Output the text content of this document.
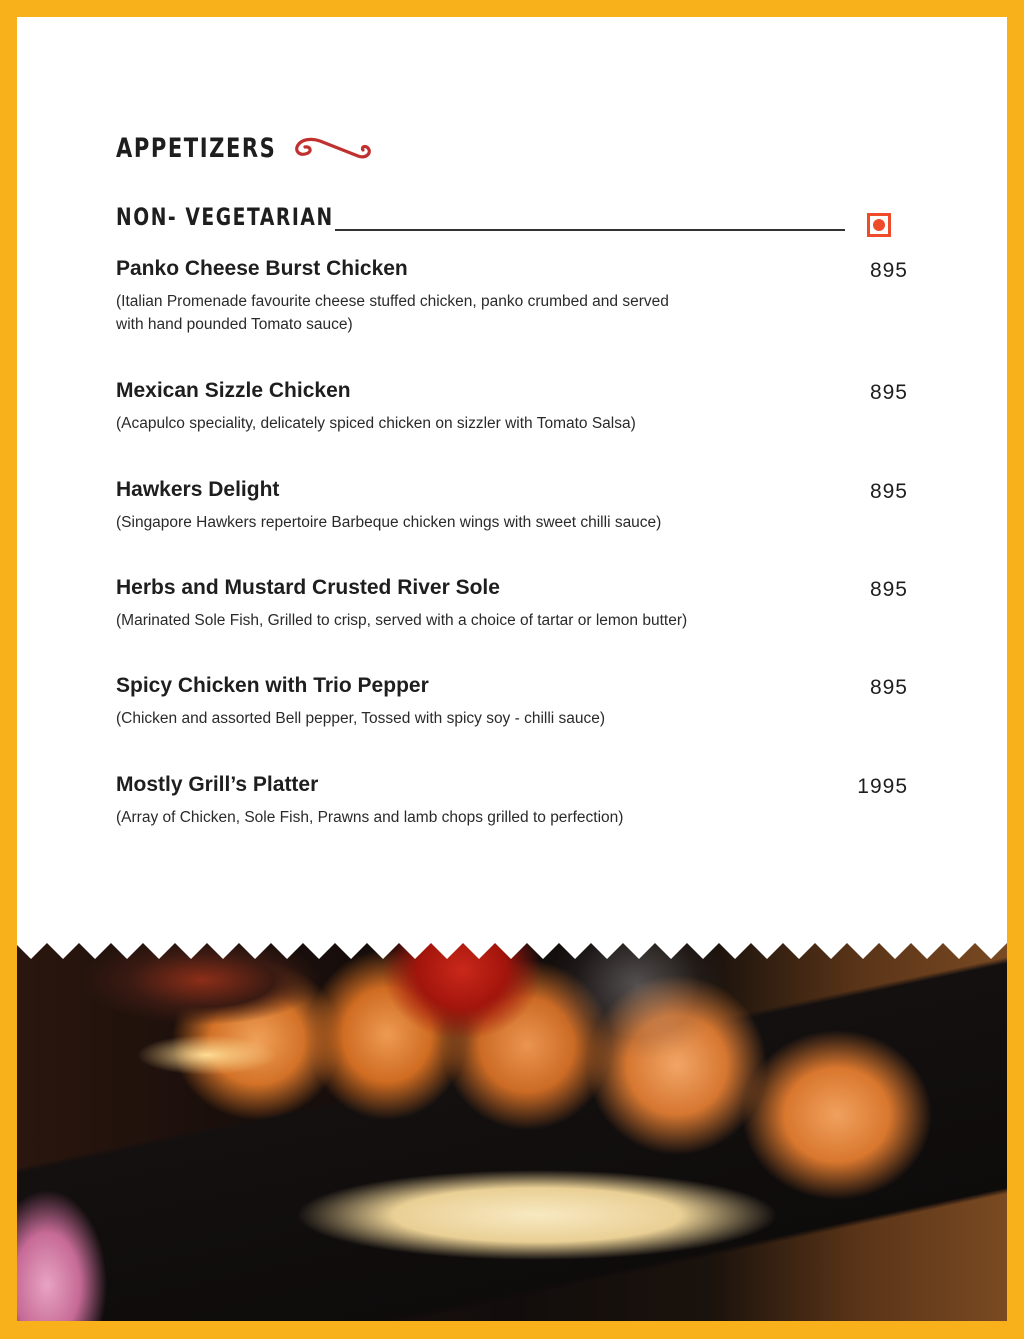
APPETIZERS
NON- VEGETARIAN
Panko Cheese Burst Chicken	895
(Italian Promenade favourite cheese stuffed chicken, panko crumbed and served with hand pounded Tomato sauce)
Mexican Sizzle Chicken	895
(Acapulco speciality, delicately spiced chicken on sizzler with Tomato Salsa)
Hawkers Delight	895
(Singapore Hawkers repertoire Barbeque chicken wings with sweet chilli sauce)
Herbs and Mustard Crusted River Sole	895
(Marinated Sole Fish, Grilled to crisp, served with a choice of tartar or lemon butter)
Spicy Chicken with Trio Pepper	895
(Chicken and assorted Bell pepper, Tossed with spicy soy - chilli sauce)
Mostly Grill’s Platter	1995
(Array of Chicken, Sole Fish, Prawns and lamb chops grilled to perfection)
